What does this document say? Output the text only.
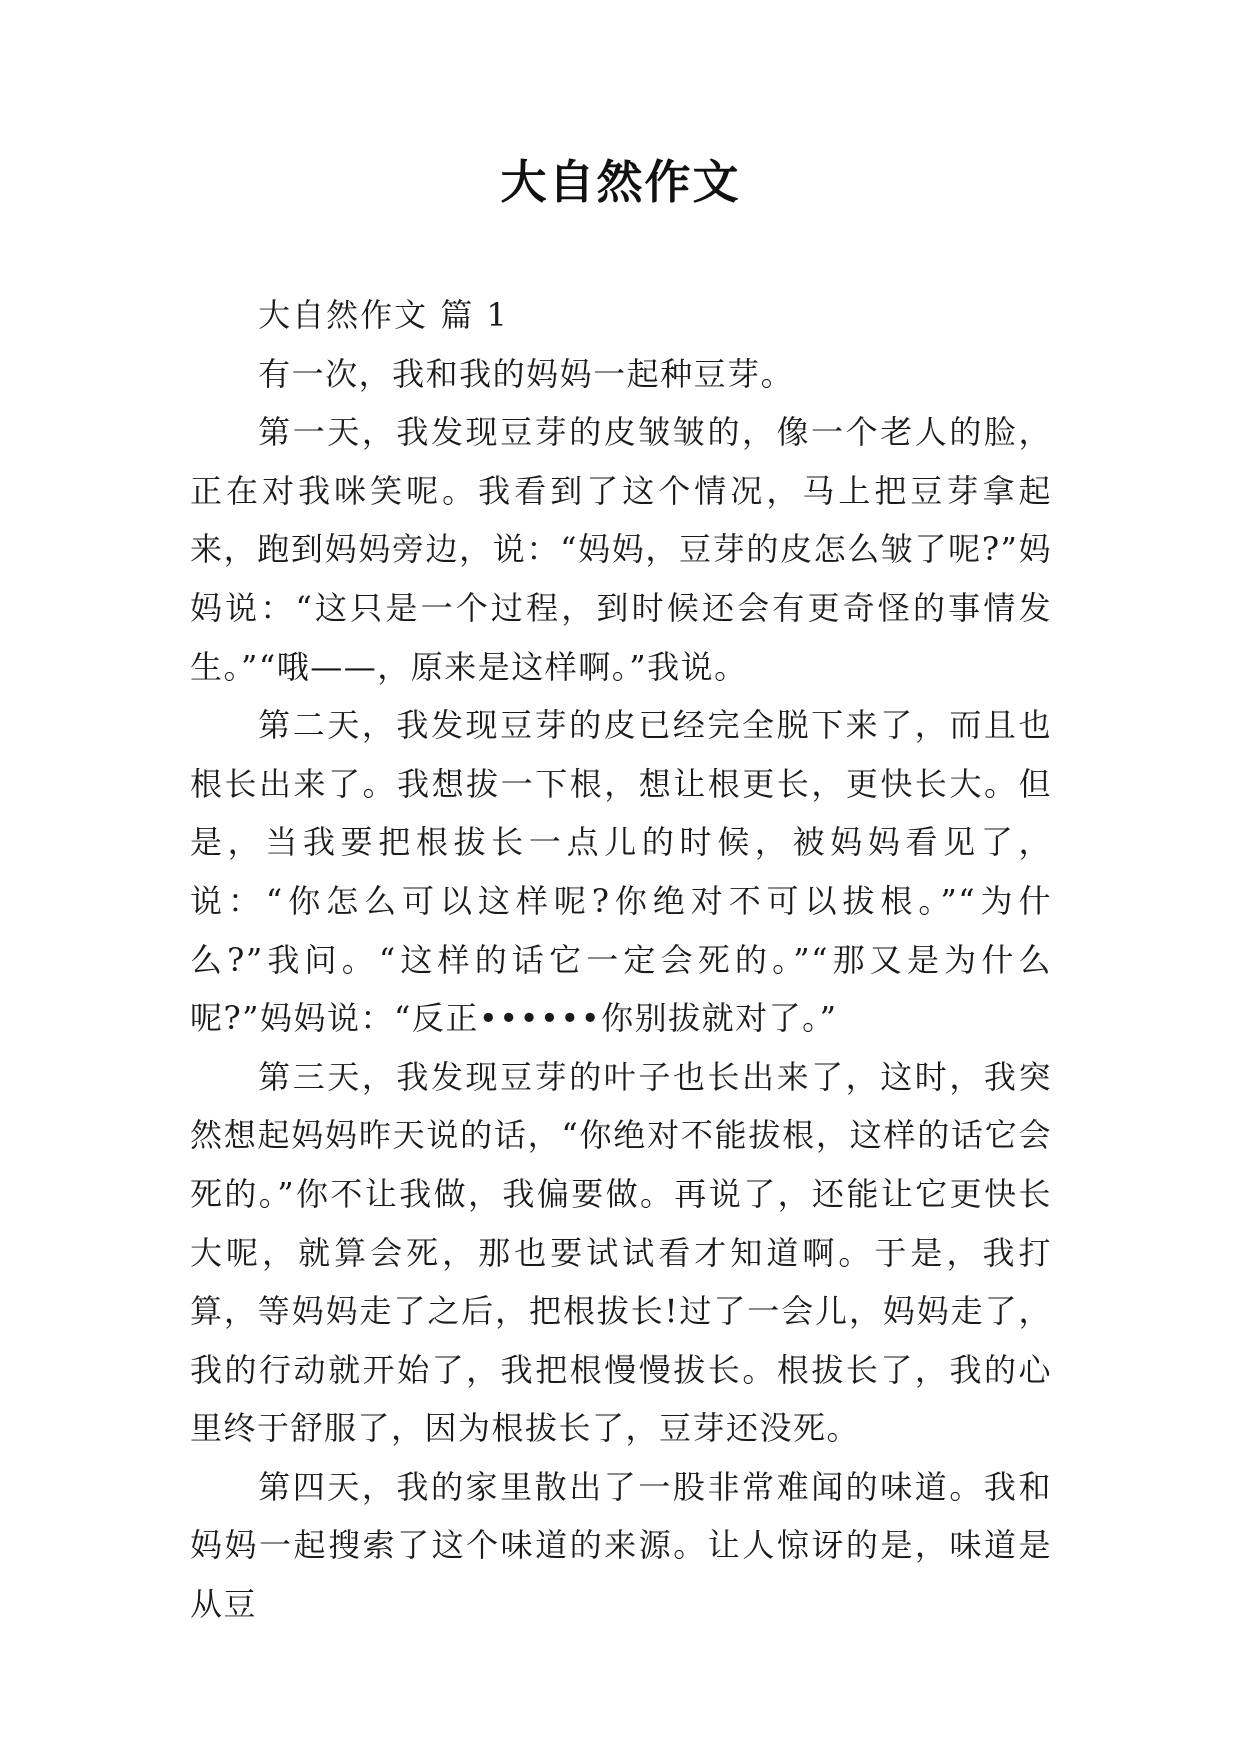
大自然作文

大自然作文 篇 1

有一次，我和我的妈妈一起种豆芽。

第一天，我发现豆芽的皮皱皱的，像一个老人的脸，正在对我咪笑呢。我看到了这个情况，马上把豆芽拿起来，跑到妈妈旁边，说：“妈妈，豆芽的皮怎么皱了呢?”妈妈说：“这只是一个过程，到时候还会有更奇怪的事情发生。”“哦——，原来是这样啊。”我说。

第二天，我发现豆芽的皮已经完全脱下来了，而且也根长出来了。我想拔一下根，想让根更长，更快长大。但是，当我要把根拔长一点儿的时候，被妈妈看见了，说：“你怎么可以这样呢?你绝对不可以拔根。”“为什么?”我问。“这样的话它一定会死的。”“那又是为什么呢?”妈妈说：“反正••••••你别拔就对了。”

第三天，我发现豆芽的叶子也长出来了，这时，我突然想起妈妈昨天说的话，“你绝对不能拔根，这样的话它会死的。”你不让我做，我偏要做。再说了，还能让它更快长大呢，就算会死，那也要试试看才知道啊。于是，我打算，等妈妈走了之后，把根拔长!过了一会儿，妈妈走了，我的行动就开始了，我把根慢慢拔长。根拔长了，我的心里终于舒服了，因为根拔长了，豆芽还没死。

第四天，我的家里散出了一股非常难闻的味道。我和妈妈一起搜索了这个味道的来源。让人惊讶的是，味道是从豆
